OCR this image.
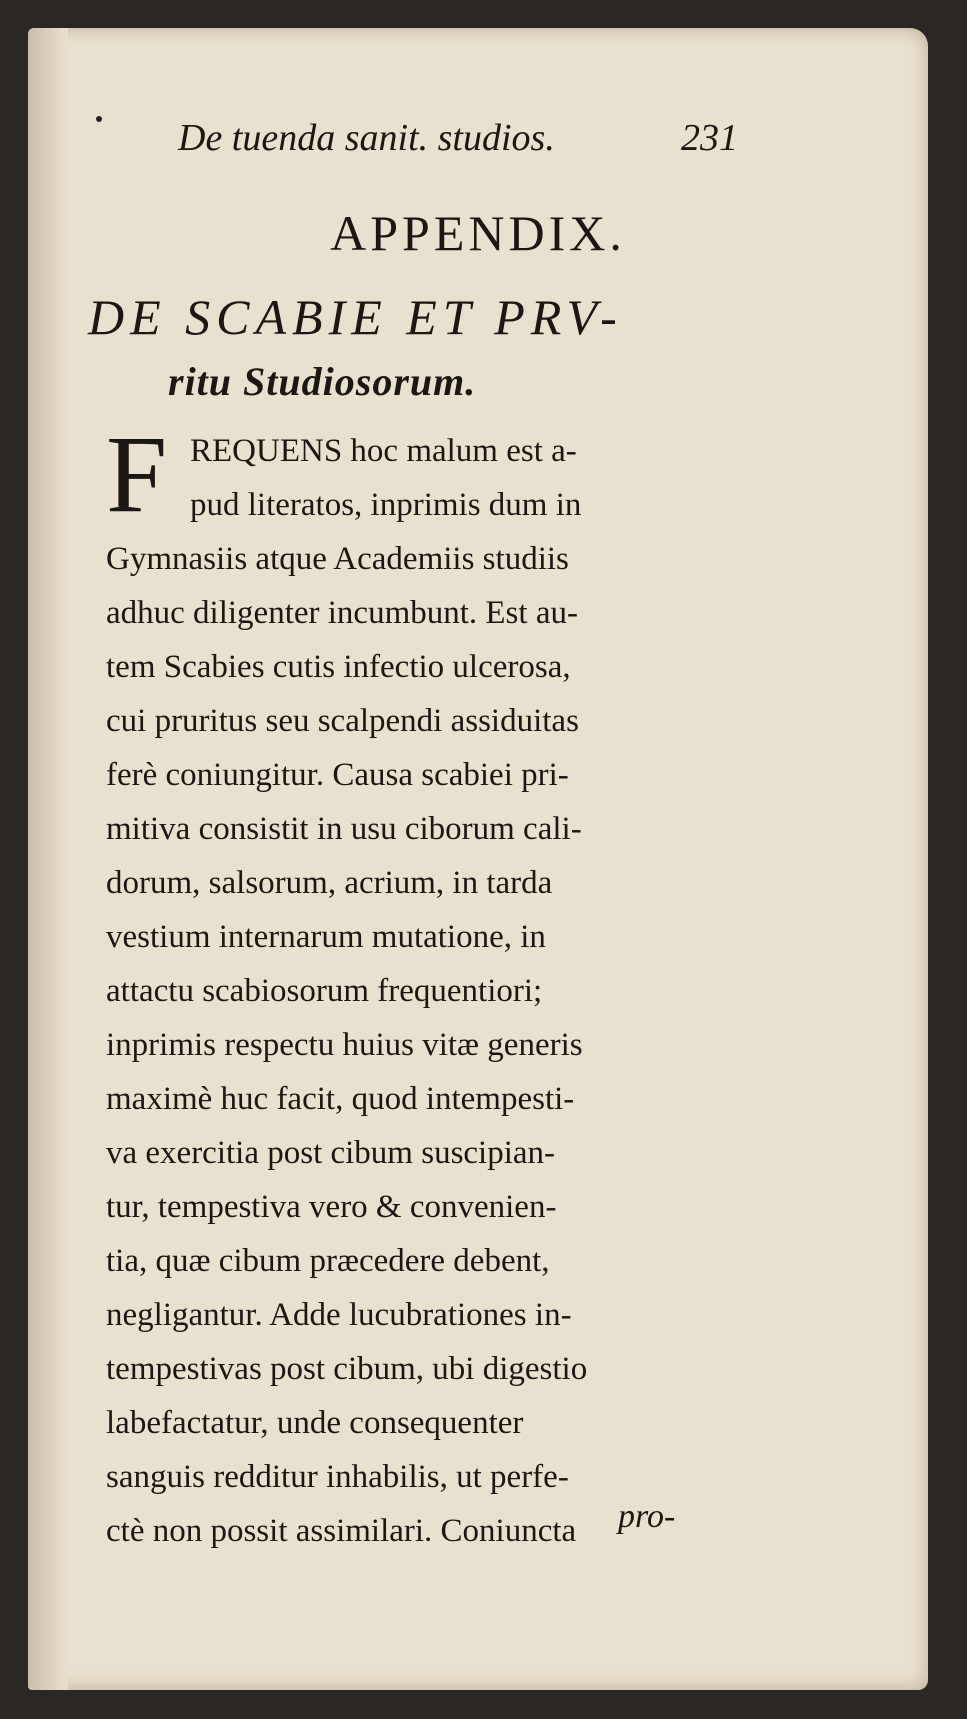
De tuenda sanit. studios.	231
APPENDIX.
DE SCABIE ET PRV-
ritu Studiosorum.
F REQUENS hoc malum est a-
pud literatos, inprimis dum in
Gymnasiis atque Academiis studiis
adhuc diligenter incumbunt. Est au-
tem Scabies cutis infectio ulcerosa,
cui pruritus seu scalpendi assiduitas
ferè coniungitur. Causa scabiei pri-
mitiva consistit in usu ciborum cali-
dorum, salsorum, acrium, in tarda
vestium internarum mutatione, in
attactu scabiosorum frequentiori;
inprimis respectu huius vitæ generis
maximè huc facit, quod intempesti-
va exercitia post cibum suscipian-
tur, tempestiva vero & convenien-
tia, quæ cibum præcedere debent,
negligantur. Adde lucubrationes in-
tempestivas post cibum, ubi digestio
labefactatur, unde consequenter
sanguis redditur inhabilis, ut perfe-
ctè non possit assimilari. Coniuncta	pro-
